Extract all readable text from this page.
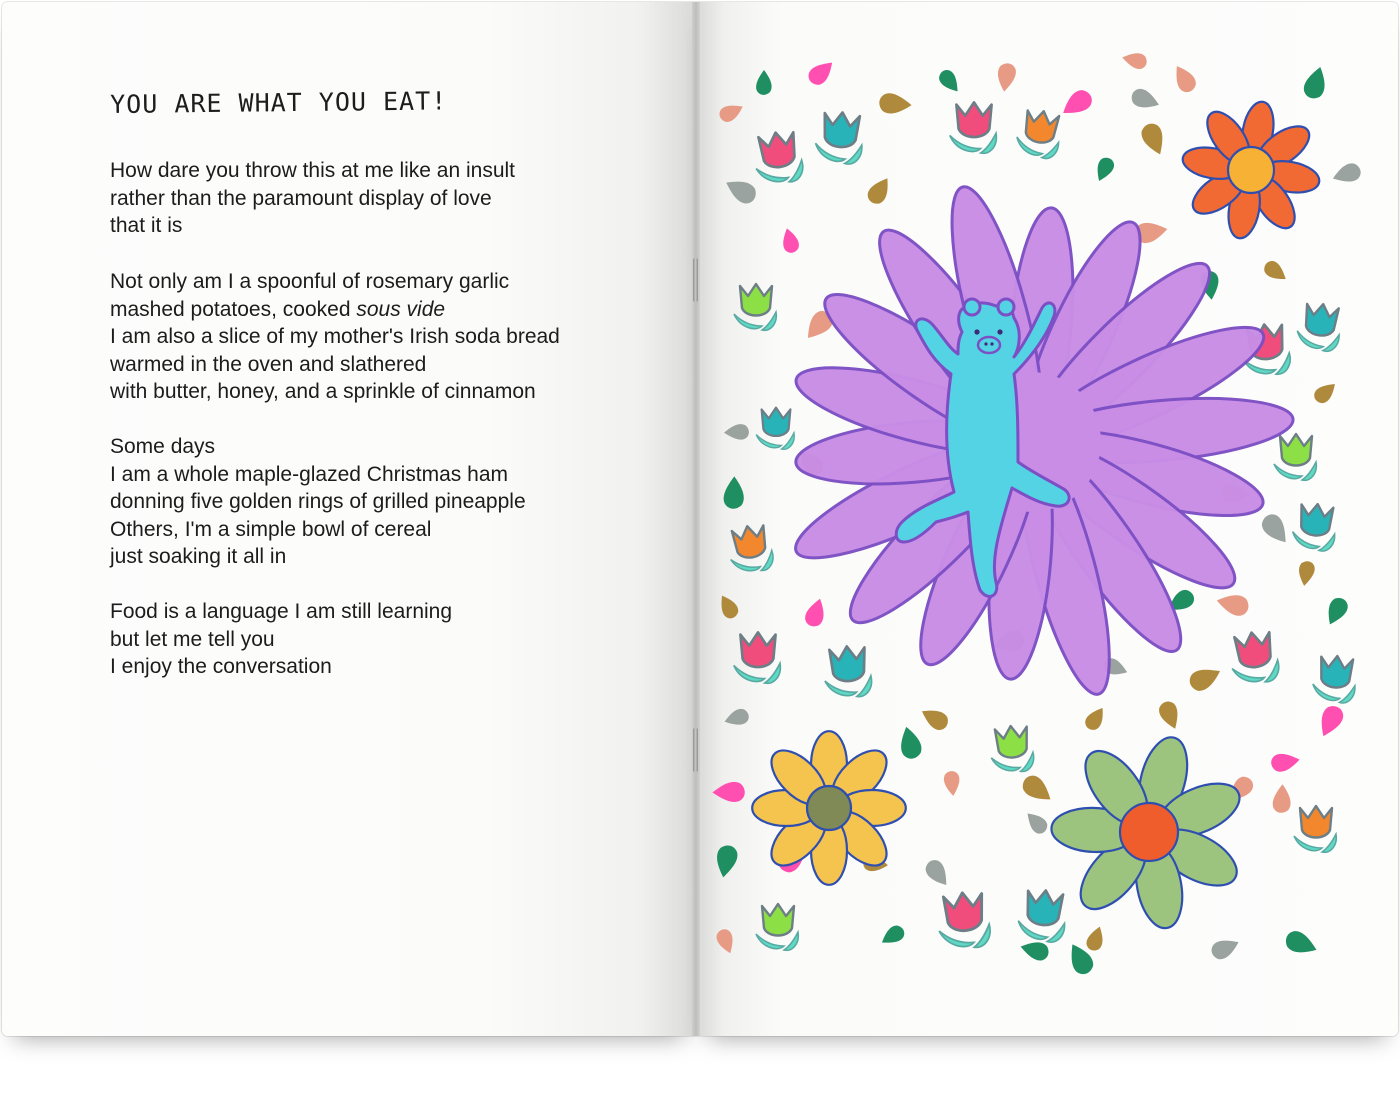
YOU ARE WHAT YOU EAT!
How dare you throw this at me like an insult
rather than the paramount display of love
that it is
Not only am I a spoonful of rosemary garlic
mashed potatoes, cooked sous vide
I am also a slice of my mother's Irish soda bread
warmed in the oven and slathered
with butter, honey, and a sprinkle of cinnamon
Some days
I am a whole maple-glazed Christmas ham
donning five golden rings of grilled pineapple
Others, I'm a simple bowl of cereal
just soaking it all in
Food is a language I am still learning
but let me tell you
I enjoy the conversation
